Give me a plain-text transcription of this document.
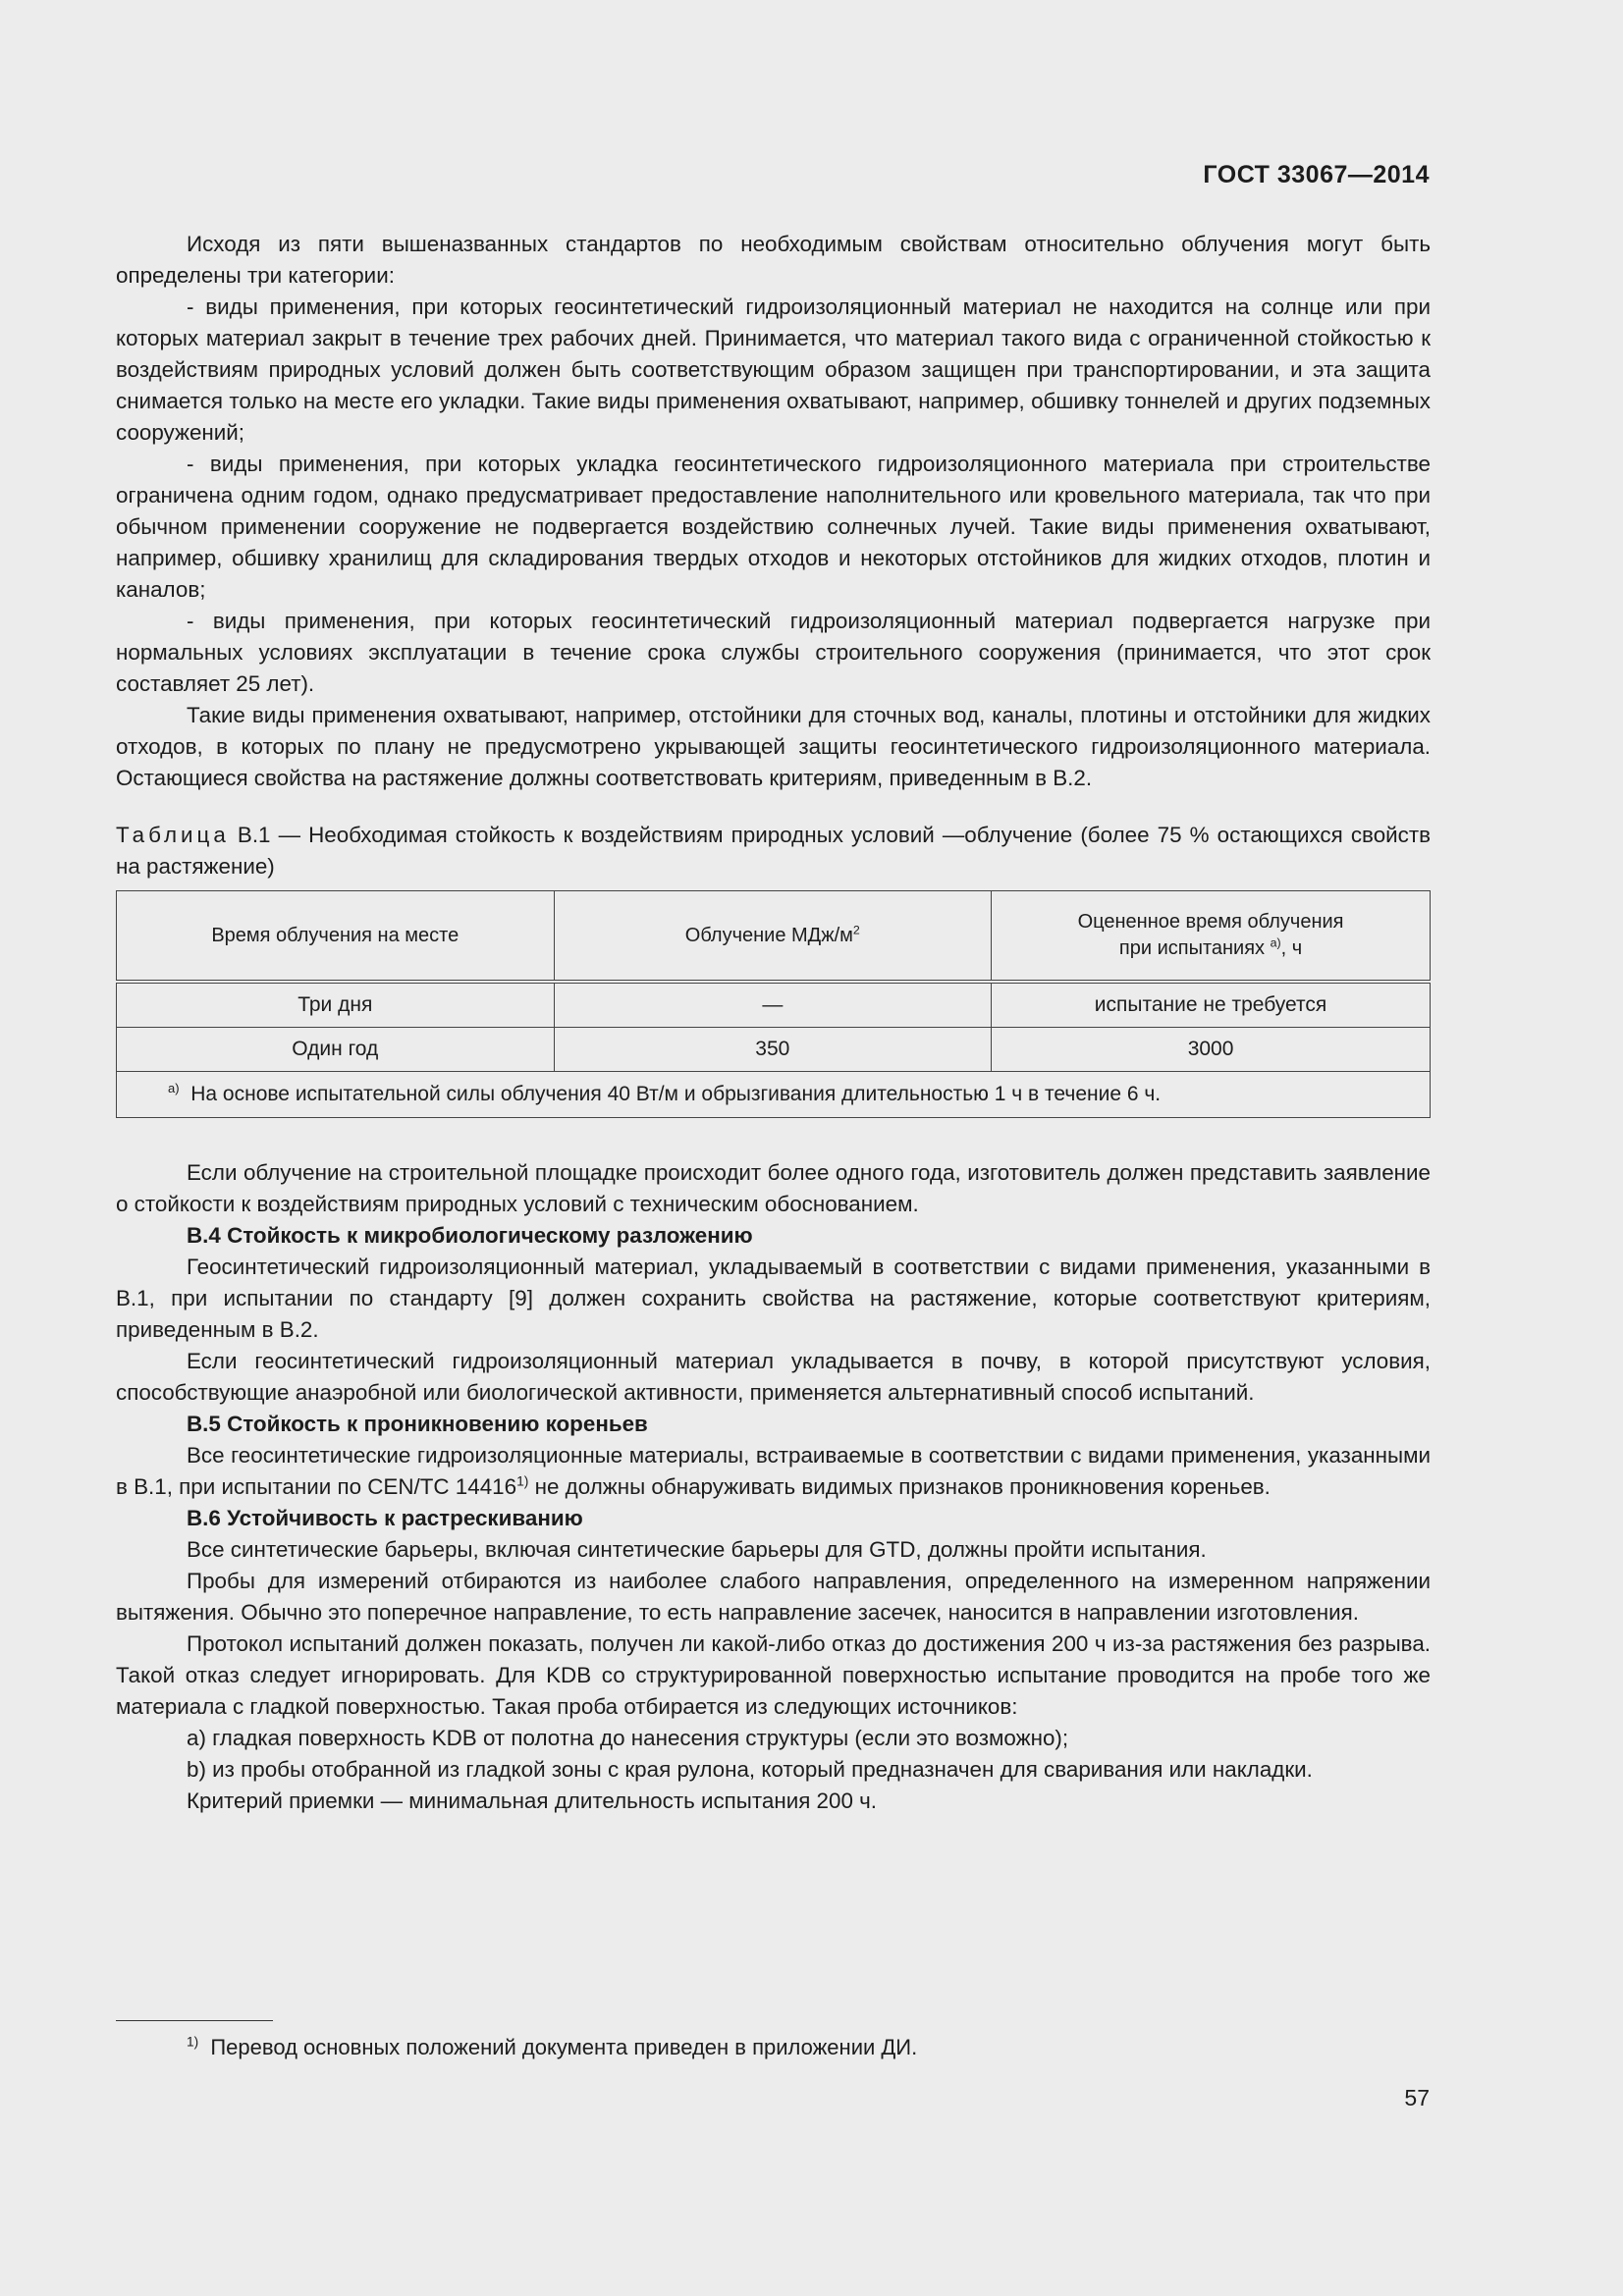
ГОСТ 33067—2014

Исходя из пяти вышеназванных стандартов по необходимым свойствам относительно облучения могут быть определены три категории:

- виды применения, при которых геосинтетический гидроизоляционный материал не находится на солнце или при которых материал закрыт в течение трех рабочих дней. Принимается, что материал такого вида с ограниченной стойкостью к воздействиям природных условий должен быть соответствующим образом защищен при транспортировании, и эта защита снимается только на месте его укладки. Такие виды применения охватывают, например, обшивку тоннелей и других подземных сооружений;

- виды применения, при которых укладка геосинтетического гидроизоляционного материала при строительстве ограничена одним годом, однако предусматривает предоставление наполнительного или кровельного материала, так что при обычном применении сооружение не подвергается воздействию солнечных лучей. Такие виды применения охватывают, например, обшивку хранилищ для складирования твердых отходов и некоторых отстойников для жидких отходов, плотин и каналов;

- виды применения, при которых геосинтетический гидроизоляционный материал подвергается нагрузке при нормальных условиях эксплуатации в течение срока службы строительного сооружения (принимается, что этот срок составляет 25 лет).

Такие виды применения охватывают, например, отстойники для сточных вод, каналы, плотины и отстойники для жидких отходов, в которых по плану не предусмотрено укрывающей защиты геосинтетического гидроизоляционного материала. Остающиеся свойства на растяжение должны соответствовать критериям, приведенным в В.2.

Таблица В.1 — Необходимая стойкость к воздействиям природных условий —облучение (более 75 % остающихся свойств на растяжение)

Время облучения на месте	Облучение МДж/$м^2$	Оцененное время облучения
при испытаниях $^{а)}$, ч
Три дня	—	испытание не требуется
Один год	350	3000
$^{а)}$ На основе испытательной силы облучения 40 Вт/м и обрызгивания длительностью 1 ч в течение 6 ч.		

Если облучение на строительной площадке происходит более одного года, изготовитель должен представить заявление о стойкости к воздействиям природных условий с техническим обоснованием.

В.4 Стойкость к микробиологическому разложению

Геосинтетический гидроизоляционный материал, укладываемый в соответствии с видами применения, указанными в В.1, при испытании по стандарту [9] должен сохранить свойства на растяжение, которые соответствуют критериям, приведенным в В.2.

Если геосинтетический гидроизоляционный материал укладывается в почву, в которой присутствуют условия, способствующие анаэробной или биологической активности, применяется альтернативный способ испытаний.

В.5 Стойкость к проникновению кореньев

Все геосинтетические гидроизоляционные материалы, встраиваемые в соответствии с видами применения, указанными в В.1, при испытании по CEN/TC 14416$^{1)}$ не должны обнаруживать видимых признаков проникновения кореньев.

В.6 Устойчивость к растрескиванию

Все синтетические барьеры, включая синтетические барьеры для GTD, должны пройти испытания.

Пробы для измерений отбираются из наиболее слабого направления, определенного на измеренном напряжении вытяжения. Обычно это поперечное направление, то есть направление засечек, наносится в направлении изготовления.

Протокол испытаний должен показать, получен ли какой-либо отказ до достижения 200 ч из-за растяжения без разрыва. Такой отказ следует игнорировать. Для KDB со структурированной поверхностью испытание проводится на пробе того же материала с гладкой поверхностью. Такая проба отбирается из следующих источников:

а) гладкая поверхность KDB от полотна до нанесения структуры (если это возможно);

b) из пробы отобранной из гладкой зоны с края рулона, который предназначен для сваривания или накладки.

Критерий приемки — минимальная длительность испытания 200 ч.

$^{1)}$ Перевод основных положений документа приведен в приложении ДИ.
57
